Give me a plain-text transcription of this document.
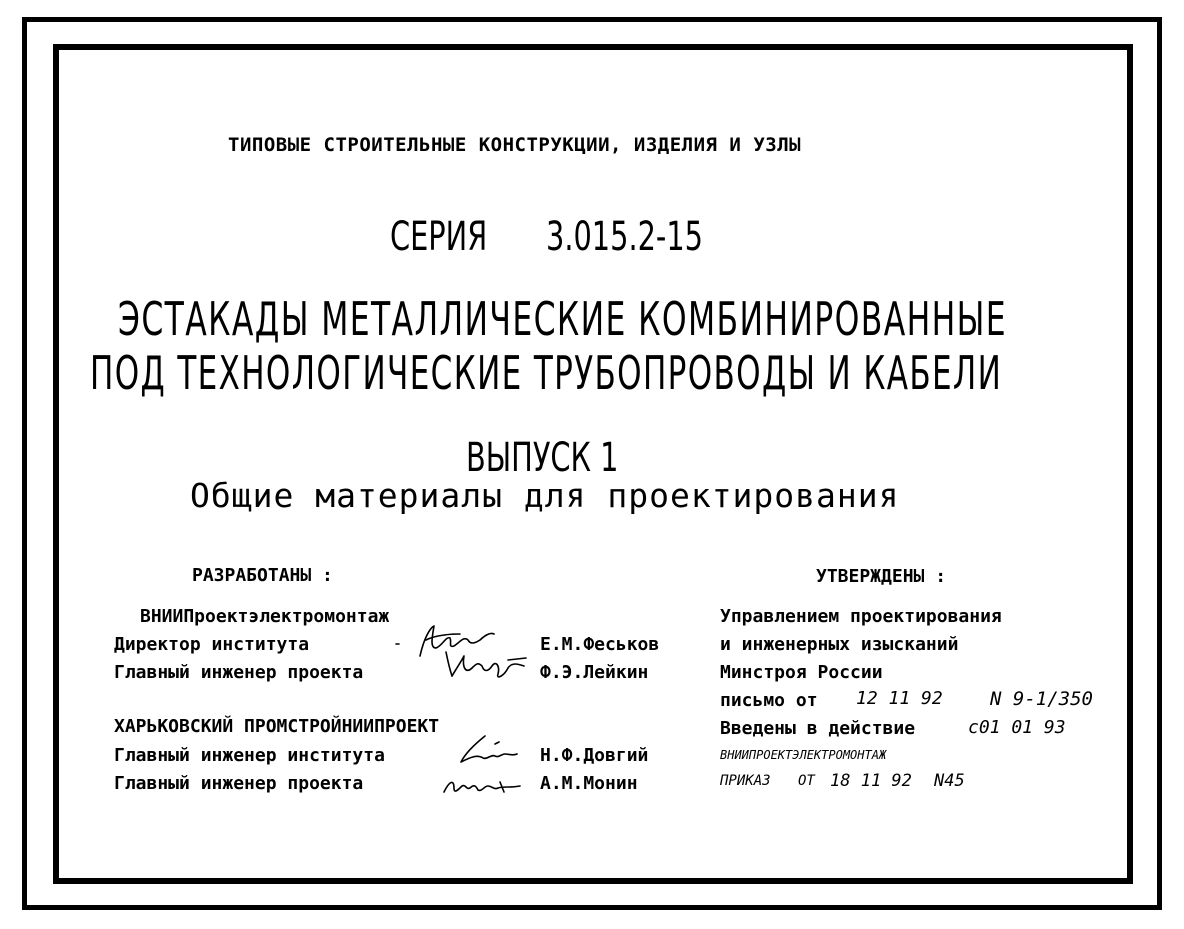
ТИПОВЫЕ СТРОИТЕЛЬНЫЕ КОНСТРУКЦИИ, ИЗДЕЛИЯ И УЗЛЫ
СЕРИЯ 3.015.2-15
ЭСТАКАДЫ МЕТАЛЛИЧЕСКИЕ КОМБИНИРОВАННЫЕ
ПОД ТЕХНОЛОГИЧЕСКИЕ ТРУБОПРОВОДЫ И КАБЕЛИ
ВЫПУСК 1
Общие материалы для проектирования
РАЗРАБОТАНЫ :
ВНИИПроектэлектромонтаж
Директор института	Е.М.Феськов
Главный инженер проекта	Ф.Э.Лейкин
ХАРЬКОВСКИЙ ПРОМСТРОЙНИИПРОЕКТ
Главный инженер института	Н.Ф.Довгий
Главный инженер проекта	А.М.Монин
УТВЕРЖДЕНЫ :
Управлением проектирования
и инженерных изысканий
Минстроя России
письмо от 12 11 92 N 9-1/350
Введены в действие	с01 01 93
ВНИИПРОЕКТЭЛЕКТРОМОНТАЖ
ПРИКАЗ ОТ 18 11 92 N45
